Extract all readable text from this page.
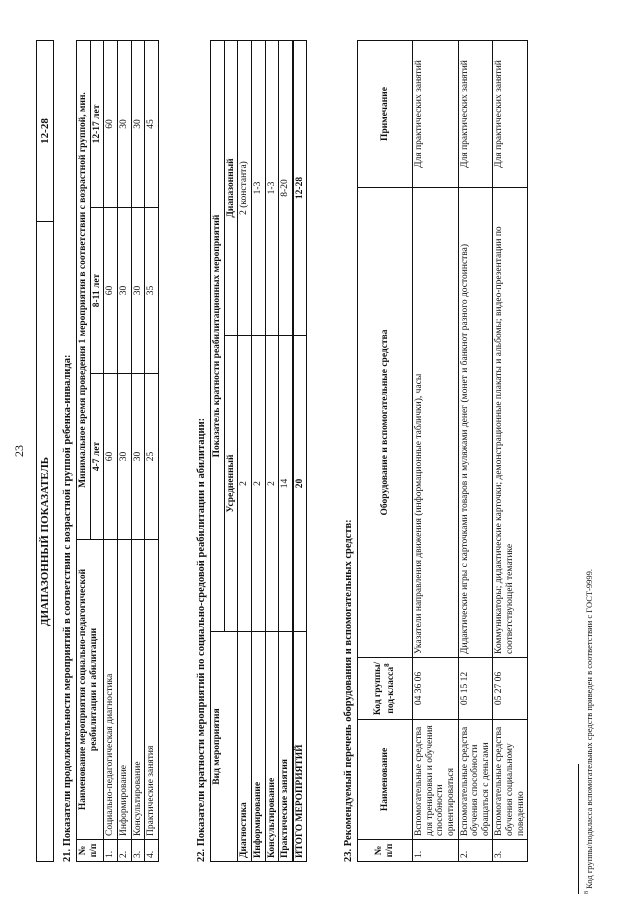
23
ДИАПАЗОННЫЙ ПОКАЗАТЕЛЬ	12-28
21. Показатели продолжительности мероприятий в соответствии с возрастной группой ребенка-инвалида: № п/п	Наименование мероприятия социально-педагогической реабилитации и абилитации	Минимальное время проведения 1 мероприятия в соответствии с возрастной группой, мин.		
		4-7 лет	8-11 лет	12-17 лет
1.	Социально-педагогическая диагностика	60	60	60
2.	Информирование	30	30	30
3.	Консультирование	30	30	30
4.	Практические занятия	25	35	45
22. Показатели кратности мероприятий по социально-средовой реабилитации и абилитации: Вид мероприятия	Показатель кратности реабилитационных мероприятий	
	Усредненный	Диапазонный
Диагностика	2	2 (константа)
Информирование	2	1-3
Консультирование	2	1-3
Практические занятия	14	8-20
ИТОГО МЕРОПРИЯТИЙ	20	12-28
23. Рекомендуемый перечень оборудования и вспомогательных средств: № п/п	Наименование	Код группы/под-класса$^8$	Оборудование и вспомогательные средства	Примечание
1.	Вспомогательные средства для тренировки и обучения способности ориентироваться	04 36 06	Указатели направления движения (информационные таблички), часы	Для практических занятий
2.	Вспомогательные средства обучения способности обращаться с деньгами	05 15 12	Дидактические игры с карточками товаров и муляжами денег (монет и банкнот разного достоинства)	Для практических занятий
3.	Вспомогательные средства обучения социальному поведению	05 27 06	Коммуникаторы; дидактические карточки; демонстрационные плакаты и альбомы; видео-презентации по соответствующей тематике	Для практических занятий
$^8$ Код группы/подкласса вспомогательных средств приведен в соответствии с ГОСТ-9999.
